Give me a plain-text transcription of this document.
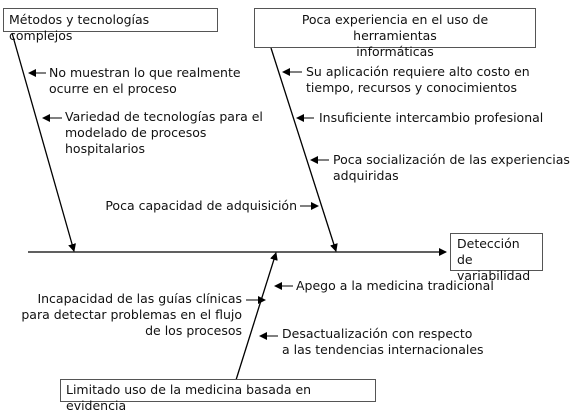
Métodos y tecnologías complejos
Poca experiencia en el uso de herramientas
informáticas
Limitado uso de la medicina basada en evidencia
Detección de
variabilidad
No muestran lo que realmente
ocurre en el proceso
Variedad de tecnologías para el
modelado de procesos
hospitalarios
Poca capacidad de adquisición
Su aplicación requiere alto costo en
tiempo, recursos y conocimientos
Insuficiente intercambio profesional
Poca socialización de las experiencias
adquiridas
Apego a la medicina tradicional
Incapacidad de las guías clínicas
para detectar problemas en el flujo
de los procesos	Desactualización con respecto
a las tendencias internacionales
